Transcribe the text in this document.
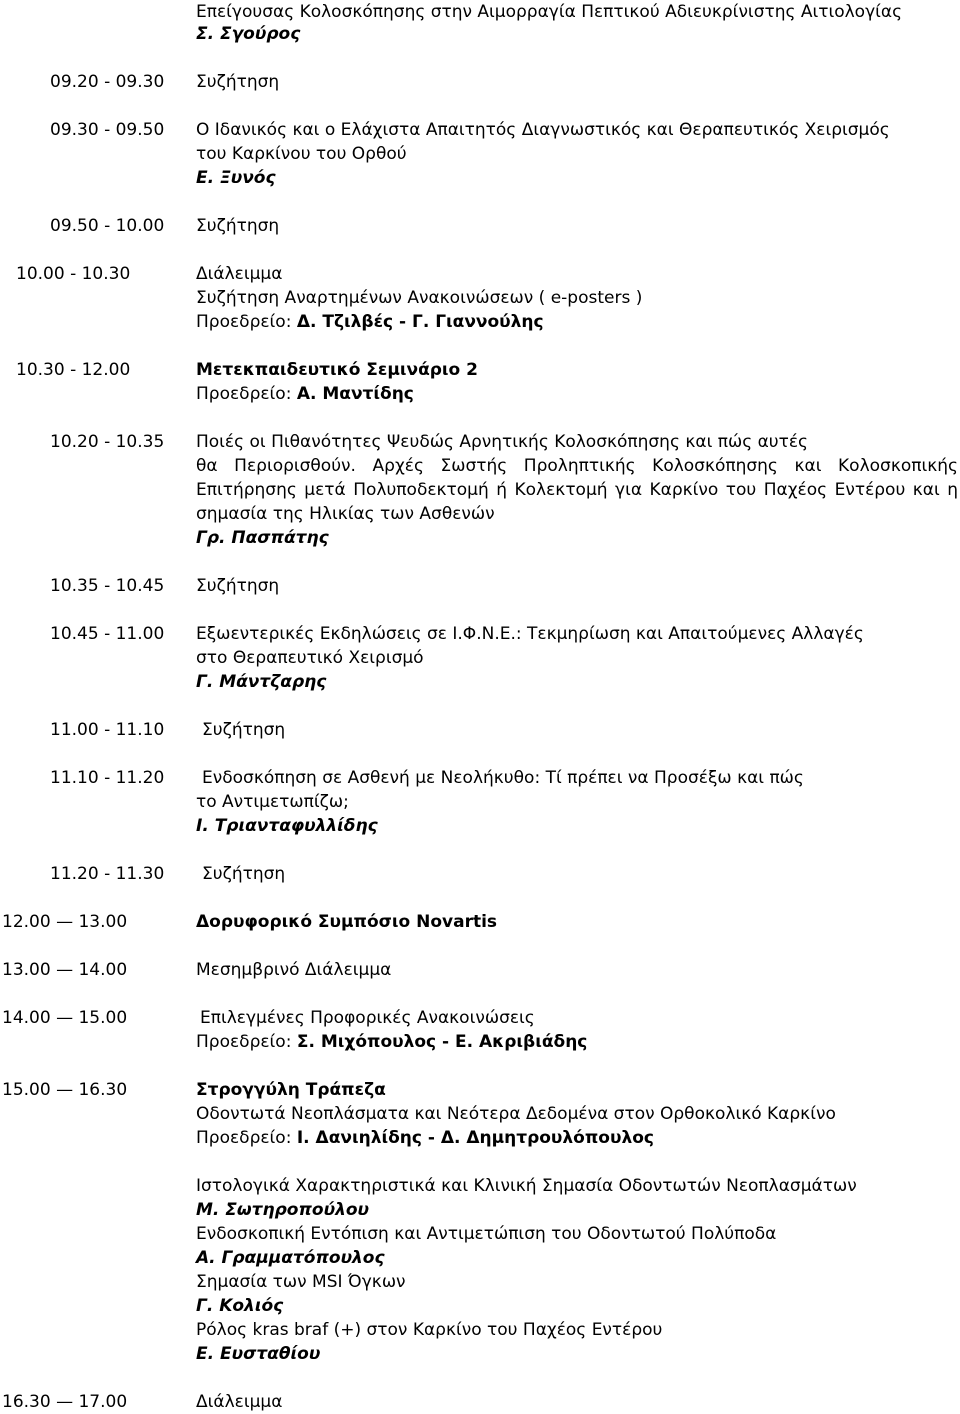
Επείγουσας Κολοσκόπησης στην Αιμορραγία Πεπτικού Αδιευκρίνιστης Αιτιολογίας
Σ. Σγούρος
09.20 - 09.30 Συζήτηση
09.30 - 09.50 Ο Ιδανικός και ο Ελάχιστα Απαιτητός Διαγνωστικός και Θεραπευτικός Χειρισμός
του Καρκίνου του Ορθού
Ε. Ξυνός
09.50 - 10.00 Συζήτηση
10.00 - 10.30	Διάλειμμα
Συζήτηση Αναρτημένων Ανακοινώσεων ( e-posters )
Προεδρείο: Δ. Τζιλβές - Γ. Γιαννούλης
10.30 - 12.00	Μετεκπαιδευτικό Σεμινάριο 2
Προεδρείο: Α. Μαντίδης
10.20 - 10.35 Ποιές οι Πιθανότητες Ψευδώς Αρνητικής Κολοσκόπησης και πώς αυτές
θα Περιορισθούν. Αρχές Σωστής Προληπτικής Κολοσκόπησης και Κολοσκοπικής
Επιτήρησης μετά Πολυποδεκτομή ή Κολεκτομή για Καρκίνο του Παχέος Εντέρου και η
σημασία της Ηλικίας των Ασθενών
Γρ. Πασπάτης
10.35 - 10.45 Συζήτηση
10.45 - 11.00 Εξωεντερικές Εκδηλώσεις σε Ι.Φ.Ν.Ε.: Τεκμηρίωση και Απαιτούμενες Αλλαγές
στο Θεραπευτικό Χειρισμό
Γ. Μάντζαρης
11.00 - 11.10 Συζήτηση
11.10 - 11.20 Ενδοσκόπηση σε Ασθενή με Νεολήκυθο: Τί πρέπει να Προσέξω και πώς
το Αντιμετωπίζω;
Ι. Τριανταφυλλίδης
11.20 - 11.30 Συζήτηση
12.00 — 13.00	Δορυφορικό Συμπόσιο Novartis
13.00 — 14.00	Μεσημβρινό Διάλειμμα
14.00 — 15.00	Επιλεγμένες Προφορικές Ανακοινώσεις
Προεδρείο: Σ. Μιχόπουλος - Ε. Ακριβιάδης
15.00 — 16.30	Στρογγύλη Τράπεζα
Οδοντωτά Νεοπλάσματα και Νεότερα Δεδομένα στον Ορθοκολικό Καρκίνο
Προεδρείο: Ι. Δανιηλίδης - Δ. Δημητρουλόπουλος
Ιστολογικά Χαρακτηριστικά και Κλινική Σημασία Οδοντωτών Νεοπλασμάτων
Μ. Σωτηροπούλου
Ενδοσκοπική Εντόπιση και Αντιμετώπιση του Οδοντωτού Πολύποδα
Α. Γραμματόπουλος
Σημασία των MSI Όγκων
Γ. Κολιός
Ρόλος kras braf (+) στον Καρκίνο του Παχέος Εντέρου
Ε. Ευσταθίου
16.30 — 17.00	Διάλειμμα
